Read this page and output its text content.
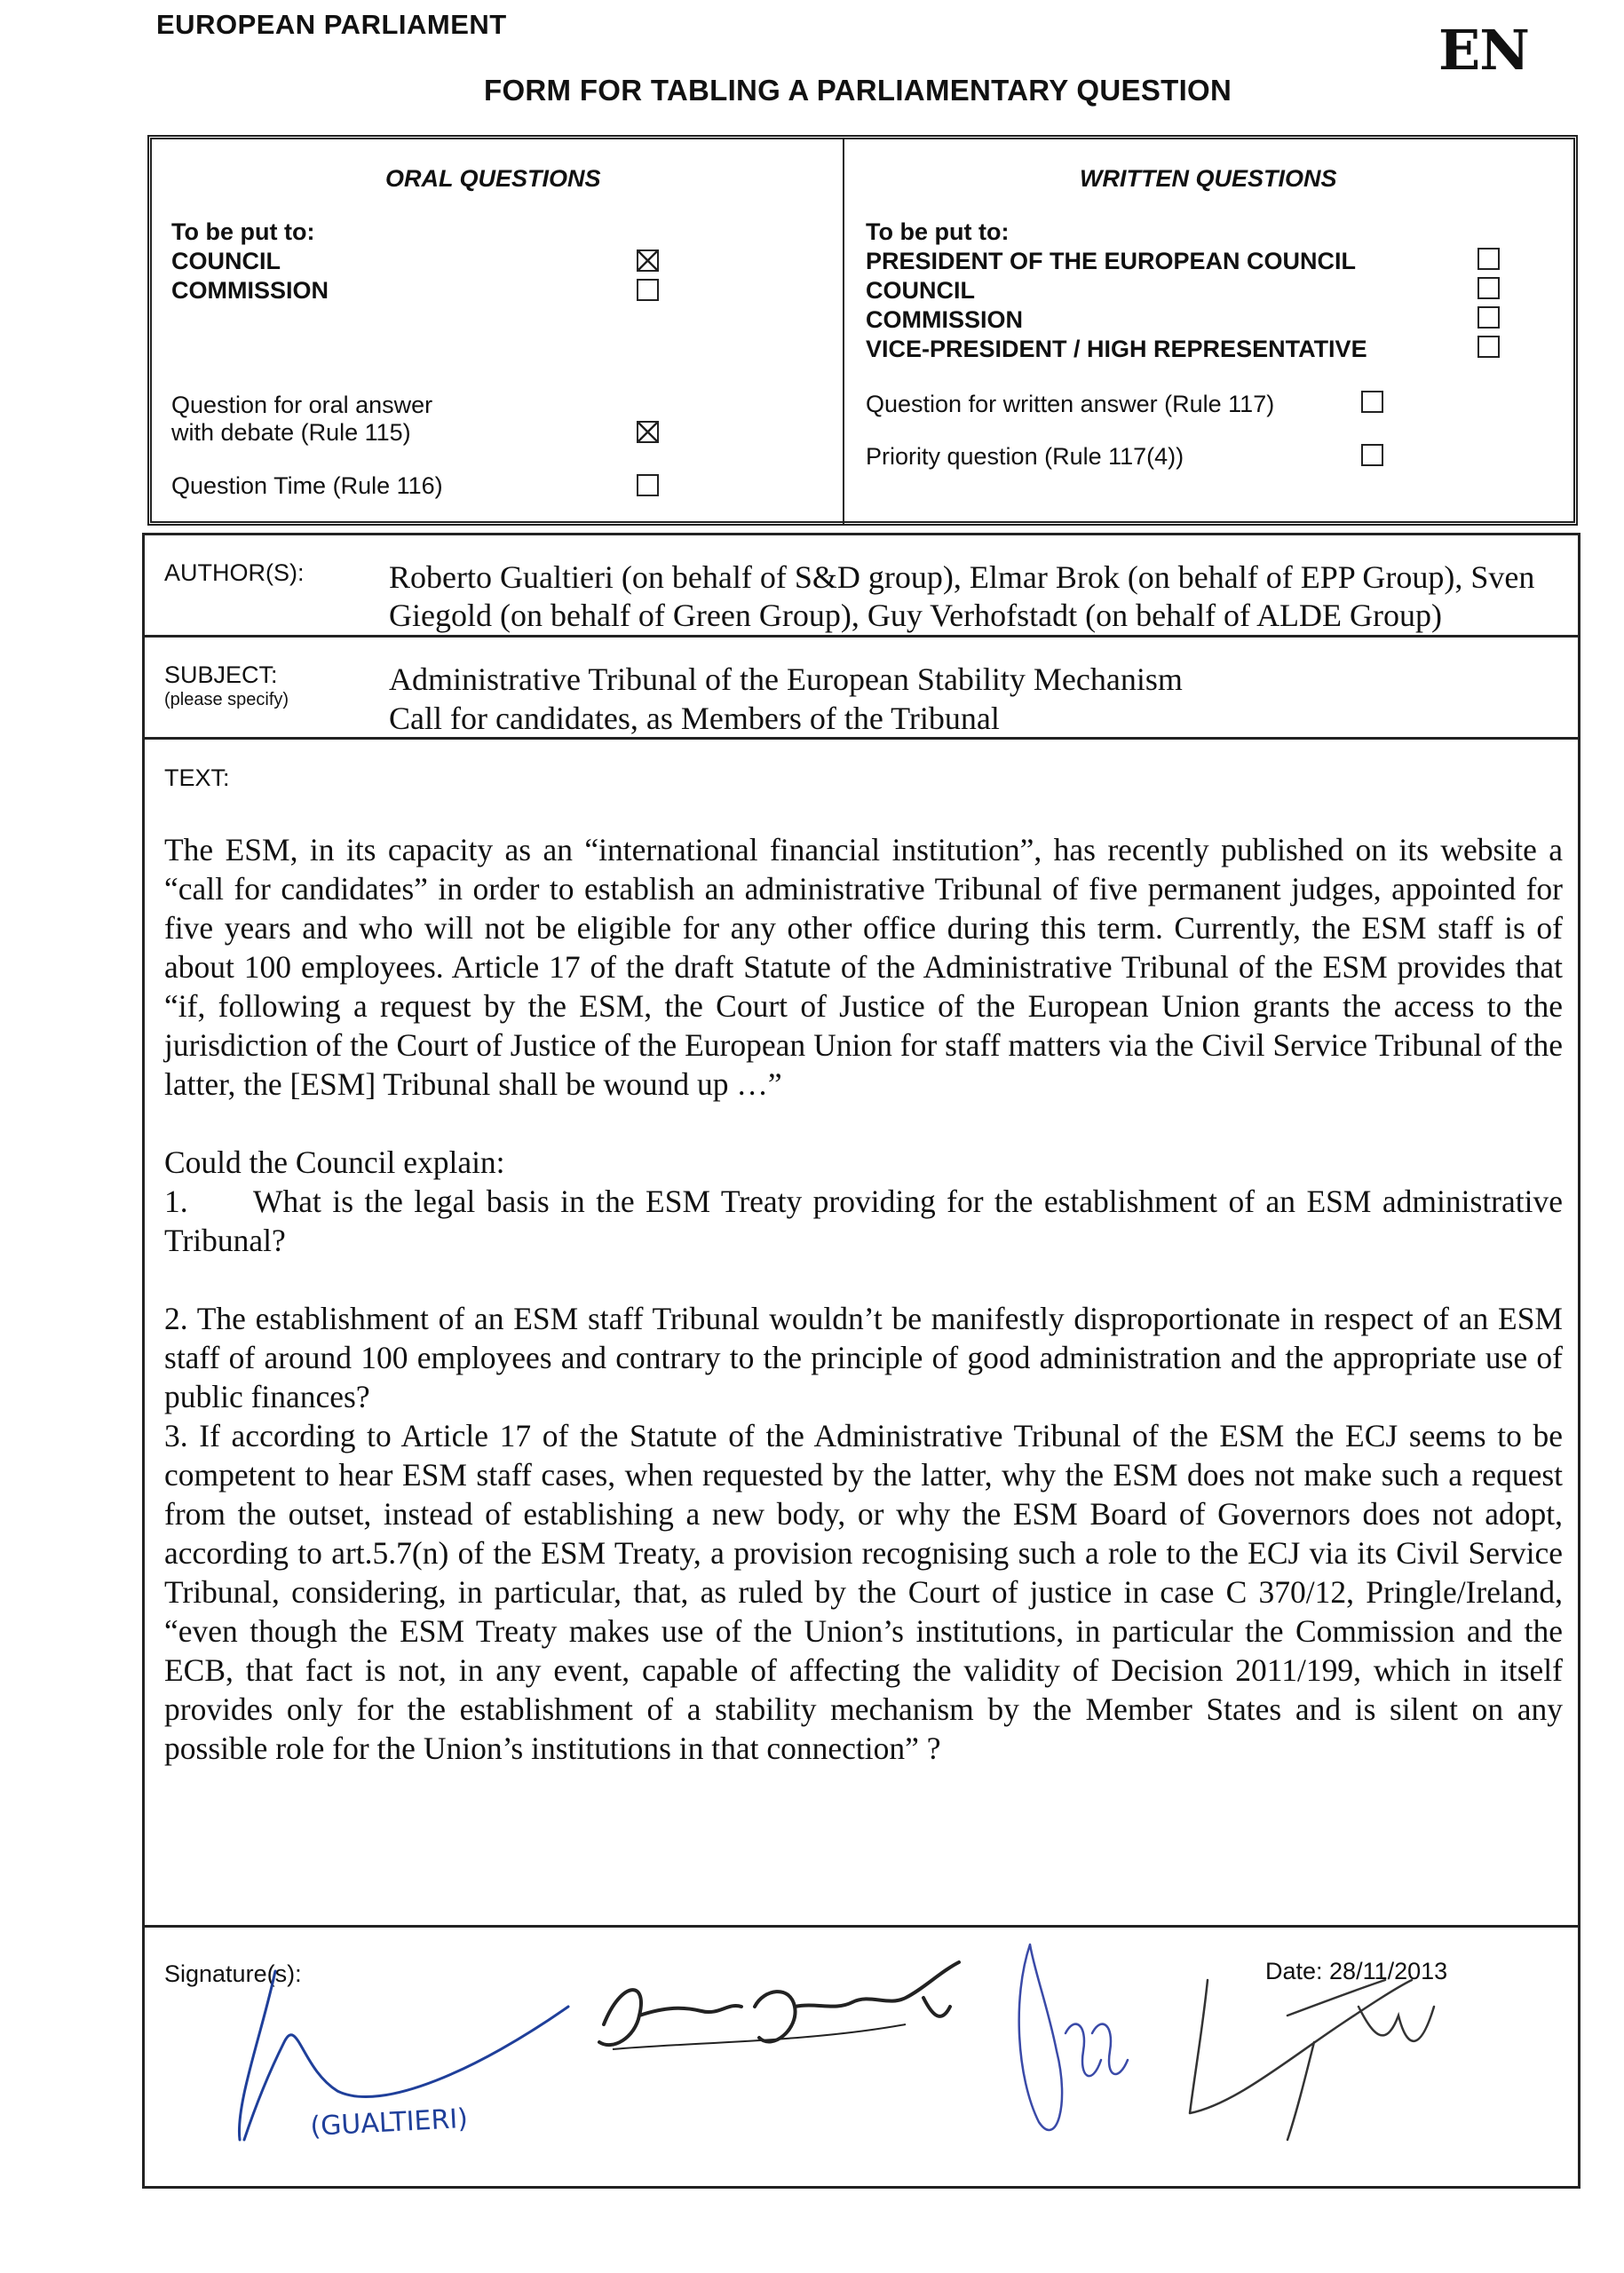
EUROPEAN PARLIAMENT
FORM FOR TABLING A PARLIAMENTARY QUESTION
EN
ORAL QUESTIONS
To be put to:
COUNCIL
COMMISSION
Question for oral answer
with debate (Rule 115)
Question Time (Rule 116)
WRITTEN QUESTIONS
To be put to:
PRESIDENT OF THE EUROPEAN COUNCIL
COUNCIL
COMMISSION
VICE-PRESIDENT / HIGH REPRESENTATIVE
Question for written answer (Rule 117)
Priority question (Rule 117(4))
AUTHOR(S):	Roberto Gualtieri (on behalf of S&D group), Elmar Brok (on behalf of EPP Group), Sven
Giegold (on behalf of Green Group), Guy Verhofstadt (on behalf of ALDE Group)
SUBJECT:
(please specify)
Administrative Tribunal of the European Stability Mechanism
Call for candidates, as Members of the Tribunal
TEXT:

The ESM, in its capacity as an “international financial institution”, has recently published on its website a “call for candidates” in order to establish an administrative Tribunal of five permanent judges, appointed for five years and who will not be eligible for any other office during this term. Currently, the ESM staff is of about 100 employees. Article 17 of the draft Statute of the Administrative Tribunal of the ESM provides that “if, following a request by the ESM, the Court of Justice of the European Union grants the access to the jurisdiction of the Court of Justice of the European Union for staff matters via the Civil Service Tribunal of the latter, the [ESM] Tribunal shall be wound up …”

Could the Council explain:

1. What is the legal basis in the ESM Treaty providing for the establishment of an ESM administrative Tribunal?

2. The establishment of an ESM staff Tribunal wouldn’t be manifestly disproportionate in respect of an ESM staff of around 100 employees and contrary to the principle of good administration and the appropriate use of public finances?

3. If according to Article 17 of the Statute of the Administrative Tribunal of the ESM the ECJ seems to be competent to hear ESM staff cases, when requested by the latter, why the ESM does not make such a request from the outset, instead of establishing a new body, or why the ESM Board of Governors does not adopt, according to art.5.7(n) of the ESM Treaty, a provision recognising such a role to the ECJ via its Civil Service Tribunal, considering, in particular, that, as ruled by the Court of justice in case C 370/12, Pringle/Ireland, “even though the ESM Treaty makes use of the Union’s institutions, in particular the Commission and the ECB, that fact is not, in any event, capable of affecting the validity of Decision 2011/199, which in itself provides only for the establishment of a stability mechanism by the Member States and is silent on any possible role for the Union’s institutions in that connection” ?

Signature(s):	Date: 28/11/2013
(GUALTIERI)
